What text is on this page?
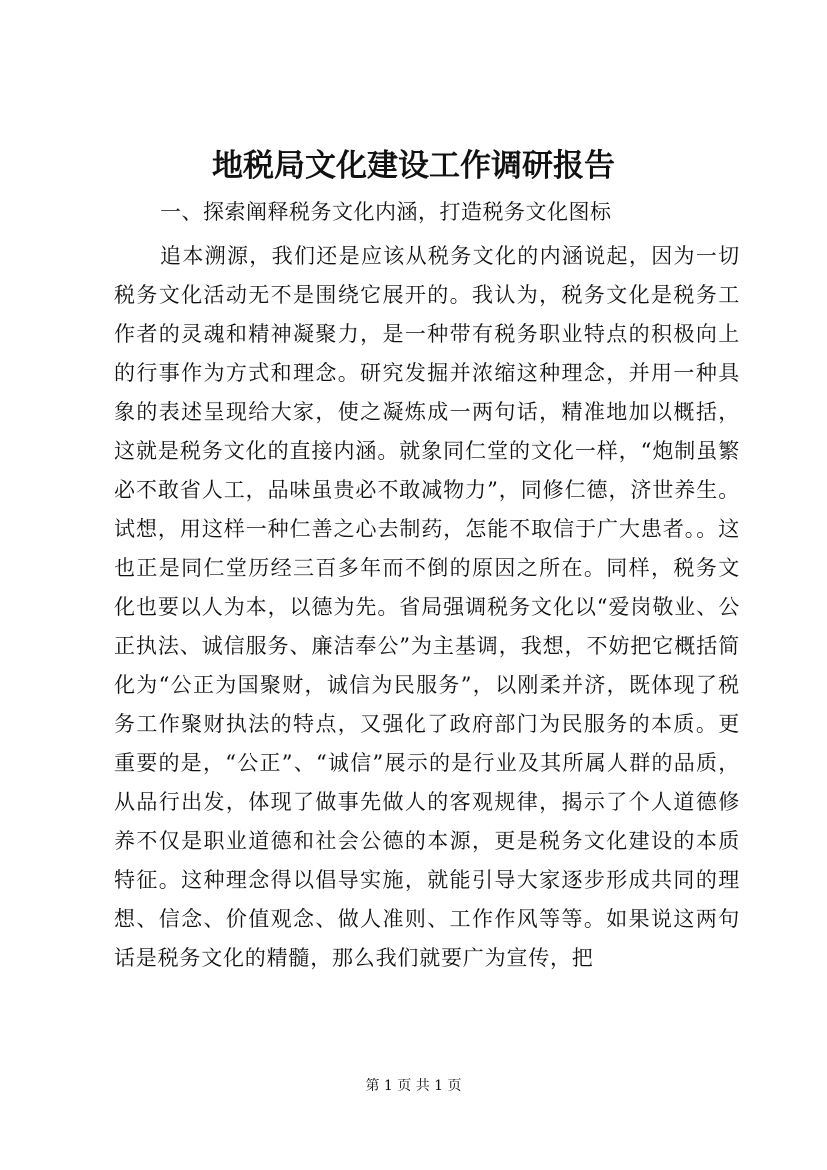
地税局文化建设工作调研报告
一、探索阐释税务文化内涵，打造税务文化图标

追本溯源，我们还是应该从税务文化的内涵说起，因为一切税务文化活动无不是围绕它展开的。我认为，税务文化是税务工作者的灵魂和精神凝聚力，是一种带有税务职业特点的积极向上的行事作为方式和理念。研究发掘并浓缩这种理念，并用一种具象的表述呈现给大家，使之凝炼成一两句话，精准地加以概括，这就是税务文化的直接内涵。就象同仁堂的文化一样，“炮制虽繁必不敢省人工，品味虽贵必不敢减物力”，同修仁德，济世养生。试想，用这样一种仁善之心去制药，怎能不取信于广大患者。。这也正是同仁堂历经三百多年而不倒的原因之所在。同样，税务文化也要以人为本，以德为先。省局强调税务文化以“爱岗敬业、公正执法、诚信服务、廉洁奉公”为主基调，我想，不妨把它概括简化为“公正为国聚财，诚信为民服务”，以刚柔并济，既体现了税务工作聚财执法的特点，又强化了政府部门为民服务的本质。更重要的是，“公正”、“诚信”展示的是行业及其所属人群的品质，从品行出发，体现了做事先做人的客观规律，揭示了个人道德修养不仅是职业道德和社会公德的本源，更是税务文化建设的本质特征。这种理念得以倡导实施，就能引导大家逐步形成共同的理想、信念、价值观念、做人准则、工作作风等等。如果说这两句话是税务文化的精髓，那么我们就要广为宣传，把

第 1 页 共 1 页
